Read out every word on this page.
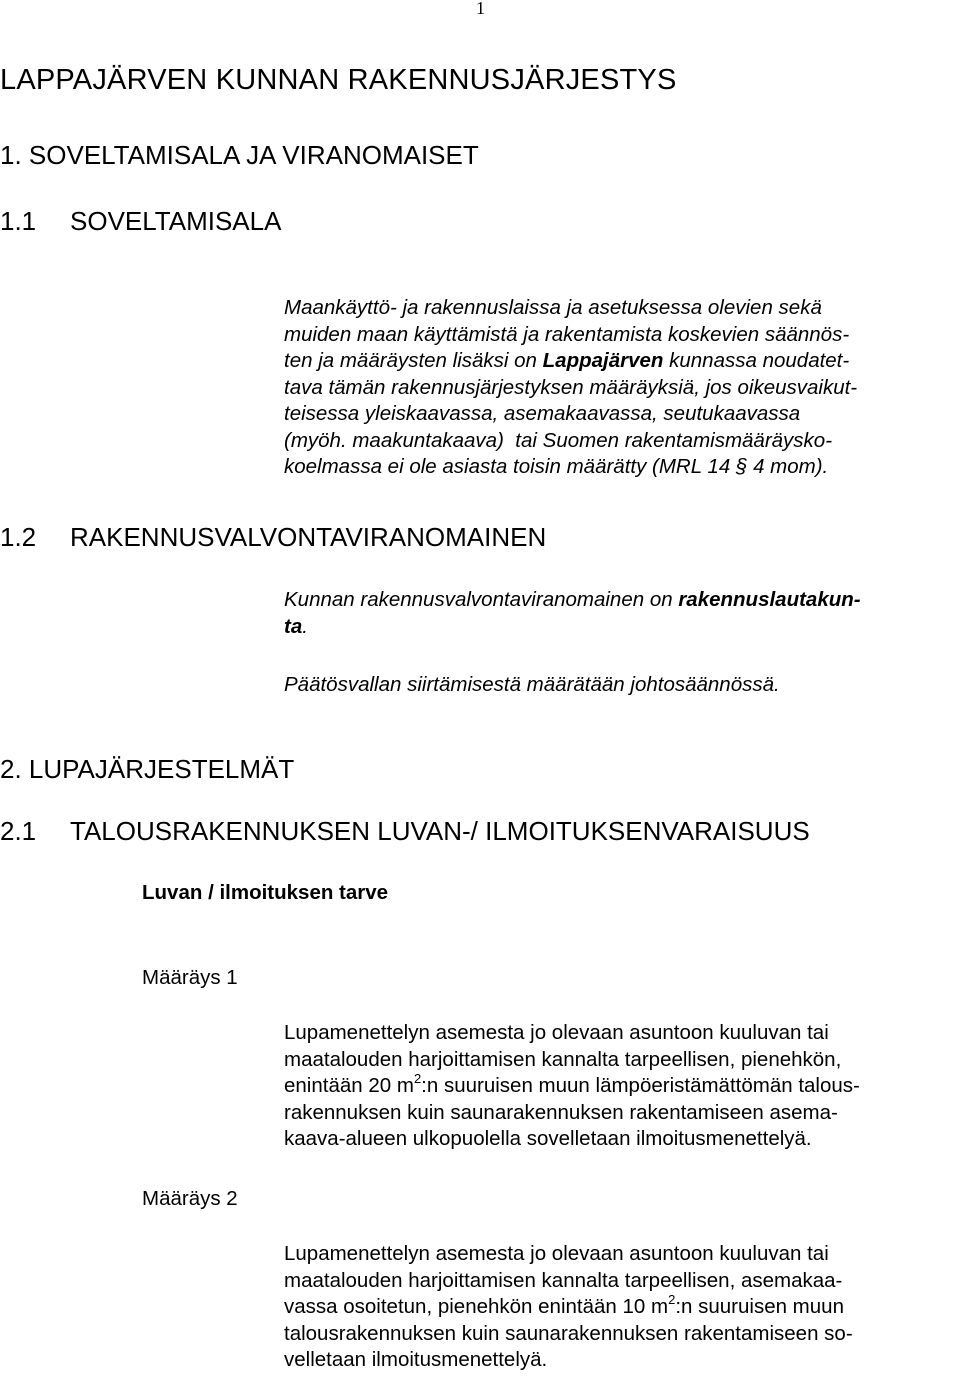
1
LAPPAJÄRVEN KUNNAN RAKENNUSJÄRJESTYS
1. SOVELTAMISALA JA VIRANOMAISET
1.1 SOVELTAMISALA
Maankäyttö- ja rakennuslaissa ja asetuksessa olevien sekä
muiden maan käyttämistä ja rakentamista koskevien säännös-
ten ja määräysten lisäksi on Lappajärven kunnassa noudatet-
tava tämän rakennusjärjestyksen määräyksiä, jos oikeusvaikut-
teisessa yleiskaavassa, asemakaavassa, seutukaavassa
(myöh. maakuntakaava)  tai Suomen rakentamismääräysko-
koelmassa ei ole asiasta toisin määrätty (MRL 14 § 4 mom).
1.2 RAKENNUSVALVONTAVIRANOMAINEN
Kunnan rakennusvalvontaviranomainen on rakennuslautakun-
ta.
Päätösvallan siirtämisestä määrätään johtosäännössä.
2. LUPAJÄRJESTELMÄT
2.1 TALOUSRAKENNUKSEN LUVAN-/ ILMOITUKSENVARAISUUS
Luvan / ilmoituksen tarve
Määräys 1
Lupamenettelyn asemesta jo olevaan asuntoon kuuluvan tai
maatalouden harjoittamisen kannalta tarpeellisen, pienehkön,
enintään 20 $m^2:n$ suuruisen muun lämpöeristämättömän talous-
rakennuksen kuin saunarakennuksen rakentamiseen asema-
kaava-alueen ulkopuolella sovelletaan ilmoitusmenettelyä.
Määräys 2
Lupamenettelyn asemesta jo olevaan asuntoon kuuluvan tai
maatalouden harjoittamisen kannalta tarpeellisen, asemakaa-
vassa osoitetun, pienehkön enintään 10 $m^2:n$ suuruisen muun
talousrakennuksen kuin saunarakennuksen rakentamiseen so-
velletaan ilmoitusmenettelyä.
